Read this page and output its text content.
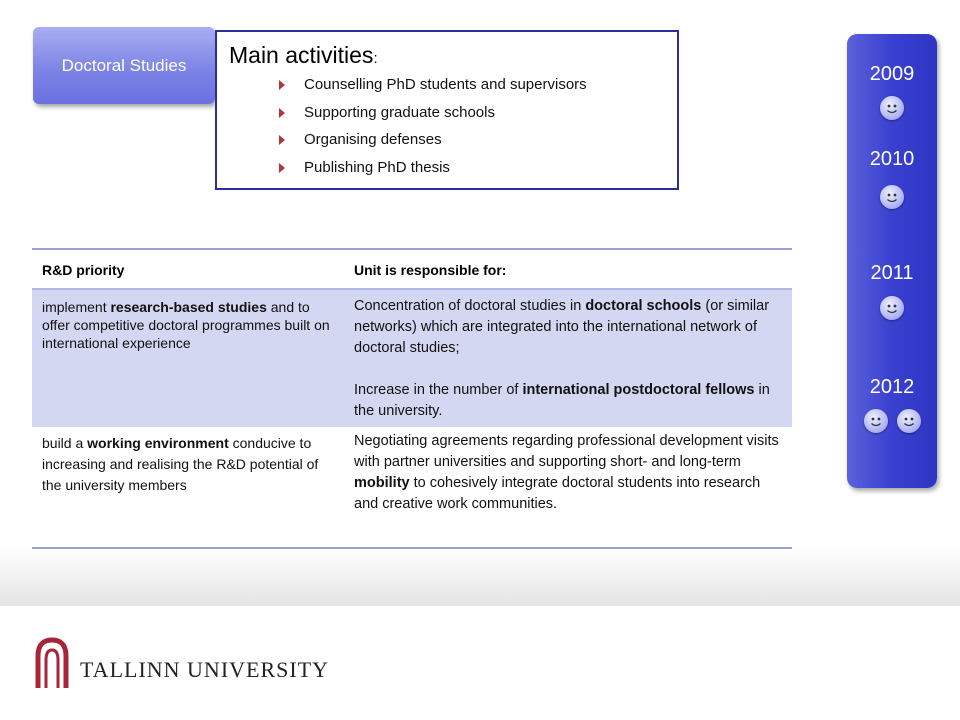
Doctoral Studies Main activities:
Counselling PhD students and supervisors
Supporting graduate schools
Organising defenses
Publishing PhD thesis
R&D priority	Unit is responsible for:
implement research-based studies and to offer competitive doctoral programmes built on international experience
Concentration of doctoral studies in doctoral schools (or similar networks) which are integrated into the international network of doctoral studies;
Increase in the number of international postdoctoral fellows in the university.
build a working environment conducive to increasing and realising the R&D potential of the university members
Negotiating agreements regarding professional development visits with partner universities and supporting short- and long-term mobility to cohesively integrate doctoral students into research and creative work communities.
2009
2010
2011
2012
TALLINN UNIVERSITY
